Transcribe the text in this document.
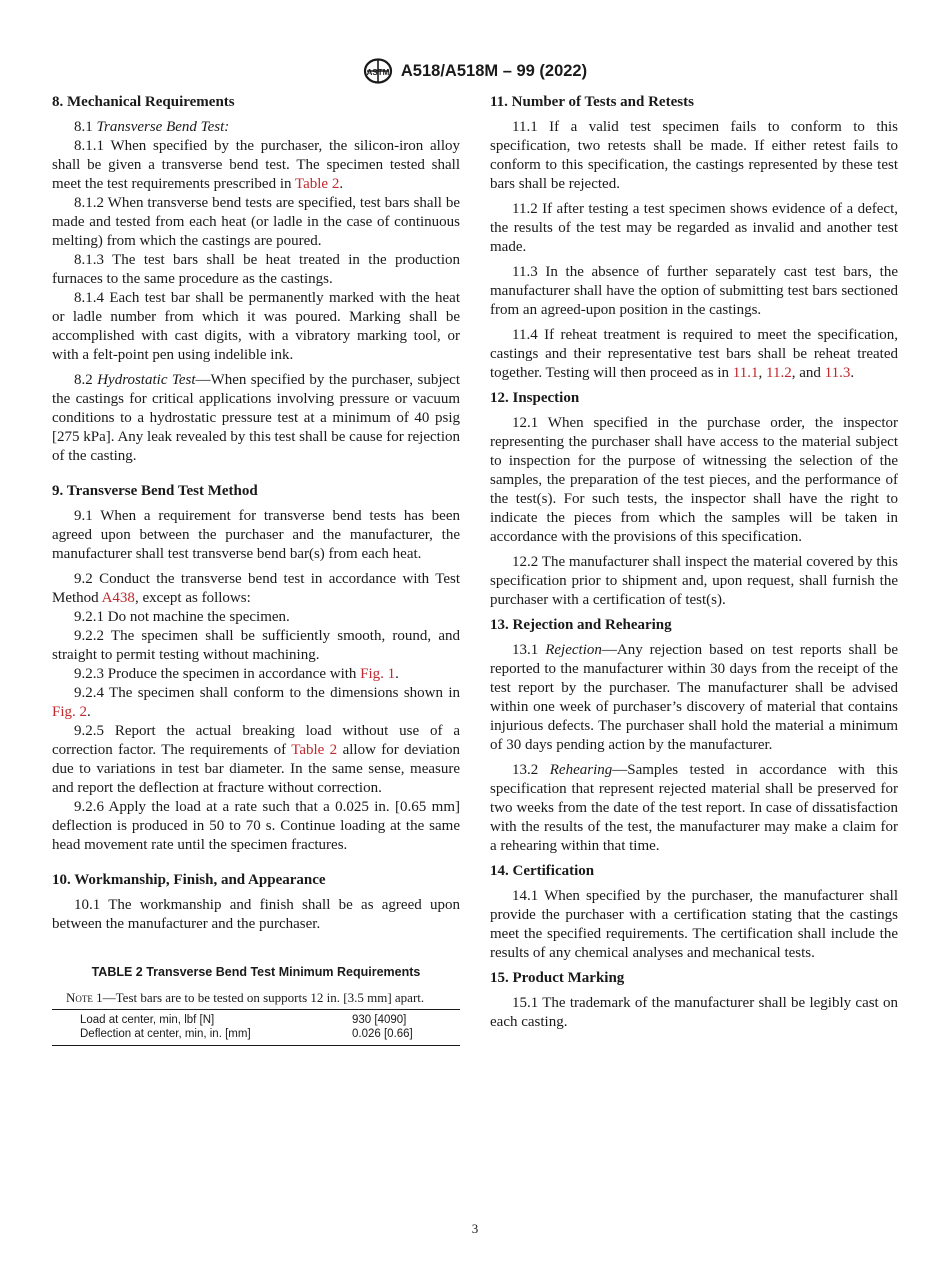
ASTM A518/A518M – 99 (2022)
8. Mechanical Requirements

8.1 Transverse Bend Test:

8.1.1 When specified by the purchaser, the silicon-iron alloy shall be given a transverse bend test. The specimen tested shall meet the test requirements prescribed in Table 2.

8.1.2 When transverse bend tests are specified, test bars shall be made and tested from each heat (or ladle in the case of continuous melting) from which the castings are poured.

8.1.3 The test bars shall be heat treated in the production furnaces to the same procedure as the castings.

8.1.4 Each test bar shall be permanently marked with the heat or ladle number from which it was poured. Marking shall be accomplished with cast digits, with a vibratory marking tool, or with a felt-point pen using indelible ink.

8.2 Hydrostatic Test—When specified by the purchaser, subject the castings for critical applications involving pressure or vacuum conditions to a hydrostatic pressure test at a minimum of 40 psig [275 kPa]. Any leak revealed by this test shall be cause for rejection of the casting.

9. Transverse Bend Test Method

9.1 When a requirement for transverse bend tests has been agreed upon between the purchaser and the manufacturer, the manufacturer shall test transverse bend bar(s) from each heat.

9.2 Conduct the transverse bend test in accordance with Test Method A438, except as follows:

9.2.1 Do not machine the specimen.

9.2.2 The specimen shall be sufficiently smooth, round, and straight to permit testing without machining.

9.2.3 Produce the specimen in accordance with Fig. 1.

9.2.4 The specimen shall conform to the dimensions shown in Fig. 2.

9.2.5 Report the actual breaking load without use of a correction factor. The requirements of Table 2 allow for deviation due to variations in test bar diameter. In the same sense, measure and report the deflection at fracture without correction.

9.2.6 Apply the load at a rate such that a 0.025 in. [0.65 mm] deflection is produced in 50 to 70 s. Continue loading at the same head movement rate until the specimen fractures.

10. Workmanship, Finish, and Appearance

10.1 The workmanship and finish shall be as agreed upon between the manufacturer and the purchaser.

TABLE 2 Transverse Bend Test Minimum Requirements

Note 1—Test bars are to be tested on supports 12 in. [3.5 mm] apart.

Load at center, min, lbf [N]	930 [4090]
Deflection at center, min, in. [mm]	0.026 [0.66]
11. Number of Tests and Retests

11.1 If a valid test specimen fails to conform to this specification, two retests shall be made. If either retest fails to conform to this specification, the castings represented by these test bars shall be rejected.

11.2 If after testing a test specimen shows evidence of a defect, the results of the test may be regarded as invalid and another test made.

11.3 In the absence of further separately cast test bars, the manufacturer shall have the option of submitting test bars sectioned from an agreed-upon position in the castings.

11.4 If reheat treatment is required to meet the specification, castings and their representative test bars shall be reheat treated together. Testing will then proceed as in 11.1, 11.2, and 11.3.

12. Inspection

12.1 When specified in the purchase order, the inspector representing the purchaser shall have access to the material subject to inspection for the purpose of witnessing the selection of the samples, the preparation of the test pieces, and the performance of the test(s). For such tests, the inspector shall have the right to indicate the pieces from which the samples will be taken in accordance with the provisions of this specification.

12.2 The manufacturer shall inspect the material covered by this specification prior to shipment and, upon request, shall furnish the purchaser with a certification of test(s).

13. Rejection and Rehearing

13.1 Rejection—Any rejection based on test reports shall be reported to the manufacturer within 30 days from the receipt of the test report by the purchaser. The manufacturer shall be advised within one week of purchaser’s discovery of material that contains injurious defects. The purchaser shall hold the material a minimum of 30 days pending action by the manufacturer.

13.2 Rehearing—Samples tested in accordance with this specification that represent rejected material shall be preserved for two weeks from the date of the test report. In case of dissatisfaction with the results of the test, the manufacturer may make a claim for a rehearing within that time.

14. Certification

14.1 When specified by the purchaser, the manufacturer shall provide the purchaser with a certification stating that the castings meet the specified requirements. The certification shall include the results of any chemical analyses and mechanical tests.

15. Product Marking

15.1 The trademark of the manufacturer shall be legibly cast on each casting.

3
